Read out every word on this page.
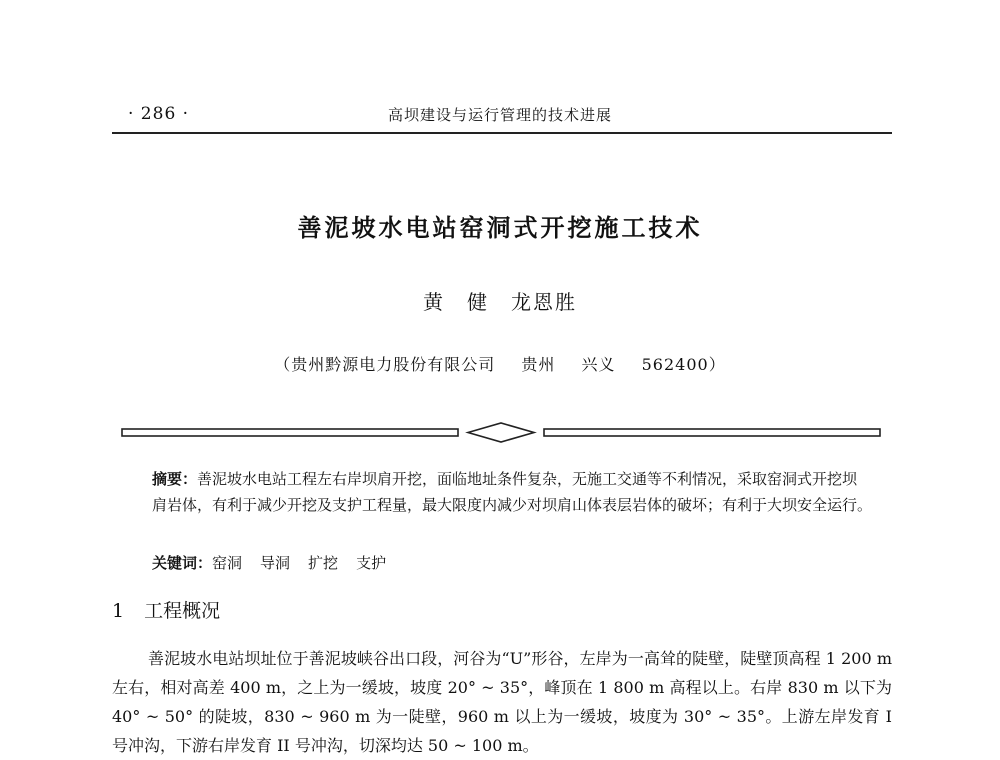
· 286 ·	高坝建设与运行管理的技术进展
善泥坡水电站窑洞式开挖施工技术
黄　健　龙恩胜
（贵州黔源电力股份有限公司 贵州 兴义 562400）
摘要：善泥坡水电站工程左右岸坝肩开挖，面临地址条件复杂，无施工交通等不利情况，采取窑洞式开挖坝肩岩体，有利于减少开挖及支护工程量，最大限度内减少对坝肩山体表层岩体的破坏；有利于大坝安全运行。
关键词：窑洞 导洞 扩挖 支护
1 工程概况
善泥坡水电站坝址位于善泥坡峡谷出口段，河谷为“U”形谷，左岸为一高耸的陡壁，陡壁顶高程 1 200 m 左右，相对高差 400 m，之上为一缓坡，坡度 20° ~ 35°，峰顶在 1 800 m 高程以上。右岸 830 m 以下为 40° ~ 50° 的陡坡，830 ~ 960 m 为一陡壁，960 m 以上为一缓坡，坡度为 30° ~ 35°。上游左岸发育 I 号冲沟，下游右岸发育 II 号冲沟，切深均达 50 ~ 100 m。
